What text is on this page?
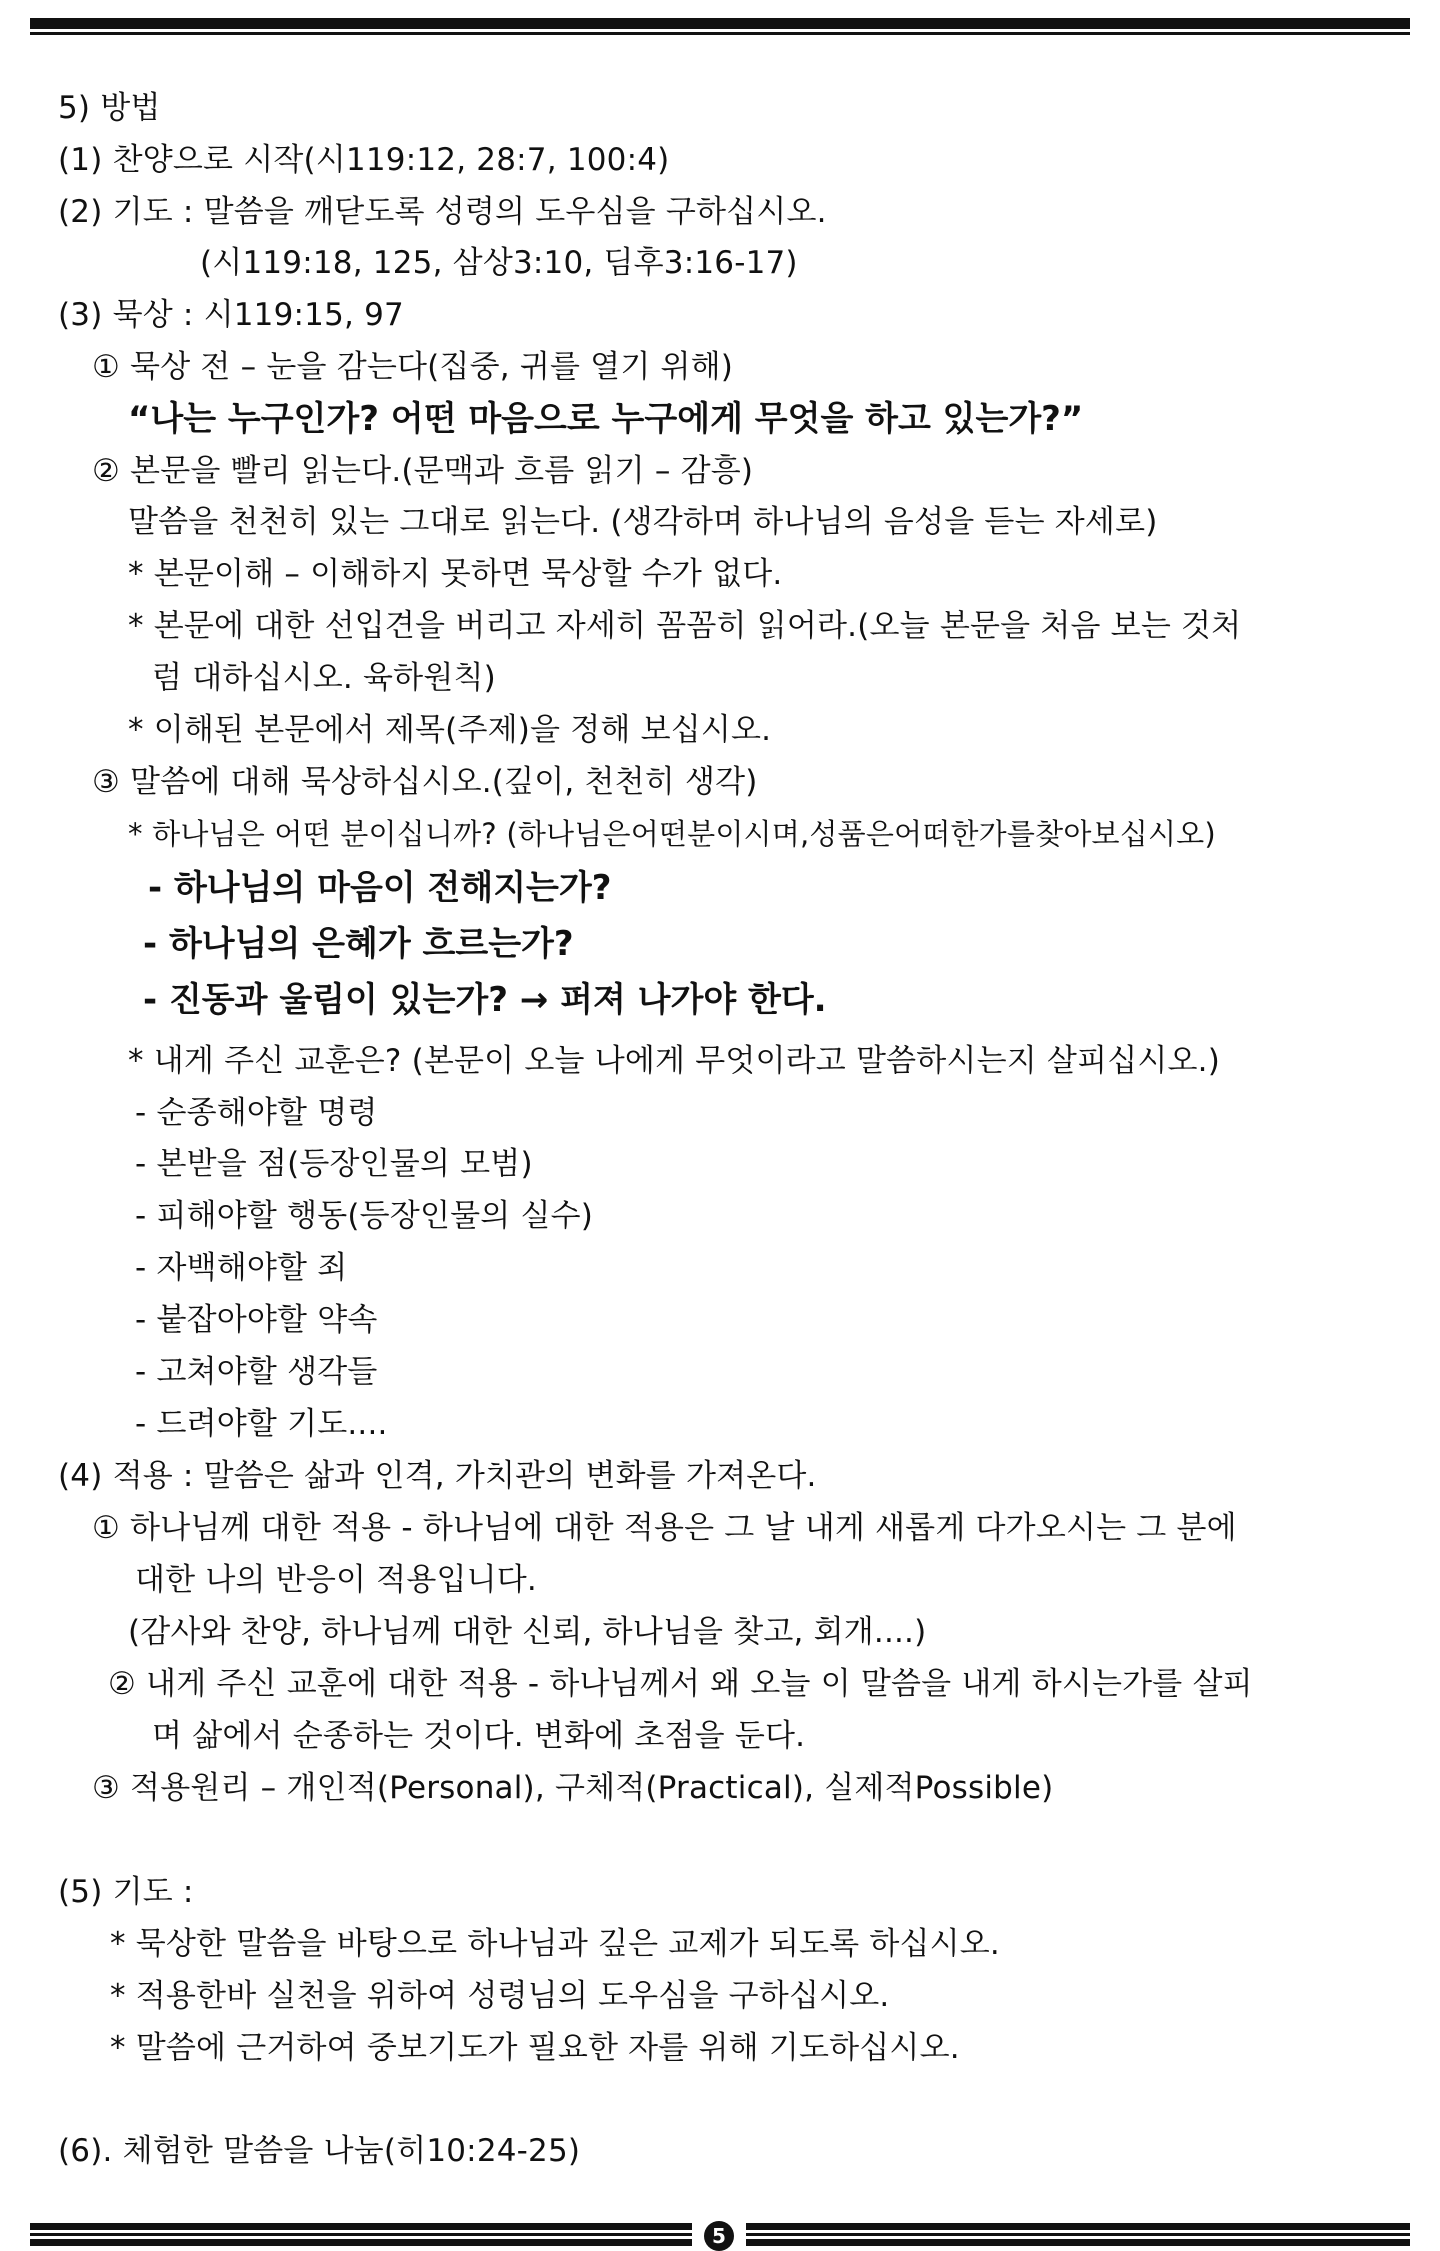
5) 방법
(1) 찬양으로 시작(시119:12, 28:7, 100:4)
(2) 기도 : 말씀을 깨닫도록 성령의 도우심을 구하십시오.
(시119:18, 125, 삼상3:10, 딤후3:16-17)
(3) 묵상 : 시119:15, 97
① 묵상 전 – 눈을 감는다(집중, 귀를 열기 위해)
“나는 누구인가? 어떤 마음으로 누구에게 무엇을 하고 있는가?”
② 본문을 빨리 읽는다.(문맥과 흐름 읽기 – 감흥)
말씀을 천천히 있는 그대로 읽는다. (생각하며 하나님의 음성을 듣는 자세로)
* 본문이해 – 이해하지 못하면 묵상할 수가 없다.
* 본문에 대한 선입견을 버리고 자세히 꼼꼼히 읽어라.(오늘 본문을 처음 보는 것처
럼 대하십시오. 육하원칙)
* 이해된 본문에서 제목(주제)을 정해 보십시오.
③ 말씀에 대해 묵상하십시오.(깊이, 천천히 생각)
* 하나님은 어떤 분이십니까? (하나님은어떤분이시며,성품은어떠한가를찾아보십시오)
- 하나님의 마음이 전해지는가?
- 하나님의 은혜가 흐르는가?
- 진동과 울림이 있는가? → 퍼져 나가야 한다.
* 내게 주신 교훈은? (본문이 오늘 나에게 무엇이라고 말씀하시는지 살피십시오.)
- 순종해야할 명령
- 본받을 점(등장인물의 모범)
- 피해야할 행동(등장인물의 실수)
- 자백해야할 죄
- 붙잡아야할 약속
- 고쳐야할 생각들
- 드려야할 기도....
(4) 적용 : 말씀은 삶과 인격, 가치관의 변화를 가져온다.
① 하나님께 대한 적용 - 하나님에 대한 적용은 그 날 내게 새롭게 다가오시는 그 분에
대한 나의 반응이 적용입니다.
(감사와 찬양, 하나님께 대한 신뢰, 하나님을 찾고, 회개....)
② 내게 주신 교훈에 대한 적용 - 하나님께서 왜 오늘 이 말씀을 내게 하시는가를 살피
며 삶에서 순종하는 것이다. 변화에 초점을 둔다.
③ 적용원리 – 개인적(Personal), 구체적(Practical), 실제적Possible)
(5) 기도 :
* 묵상한 말씀을 바탕으로 하나님과 깊은 교제가 되도록 하십시오.
* 적용한바 실천을 위하여 성령님의 도우심을 구하십시오.
* 말씀에 근거하여 중보기도가 필요한 자를 위해 기도하십시오.
(6). 체험한 말씀을 나눔(히10:24-25)
5
